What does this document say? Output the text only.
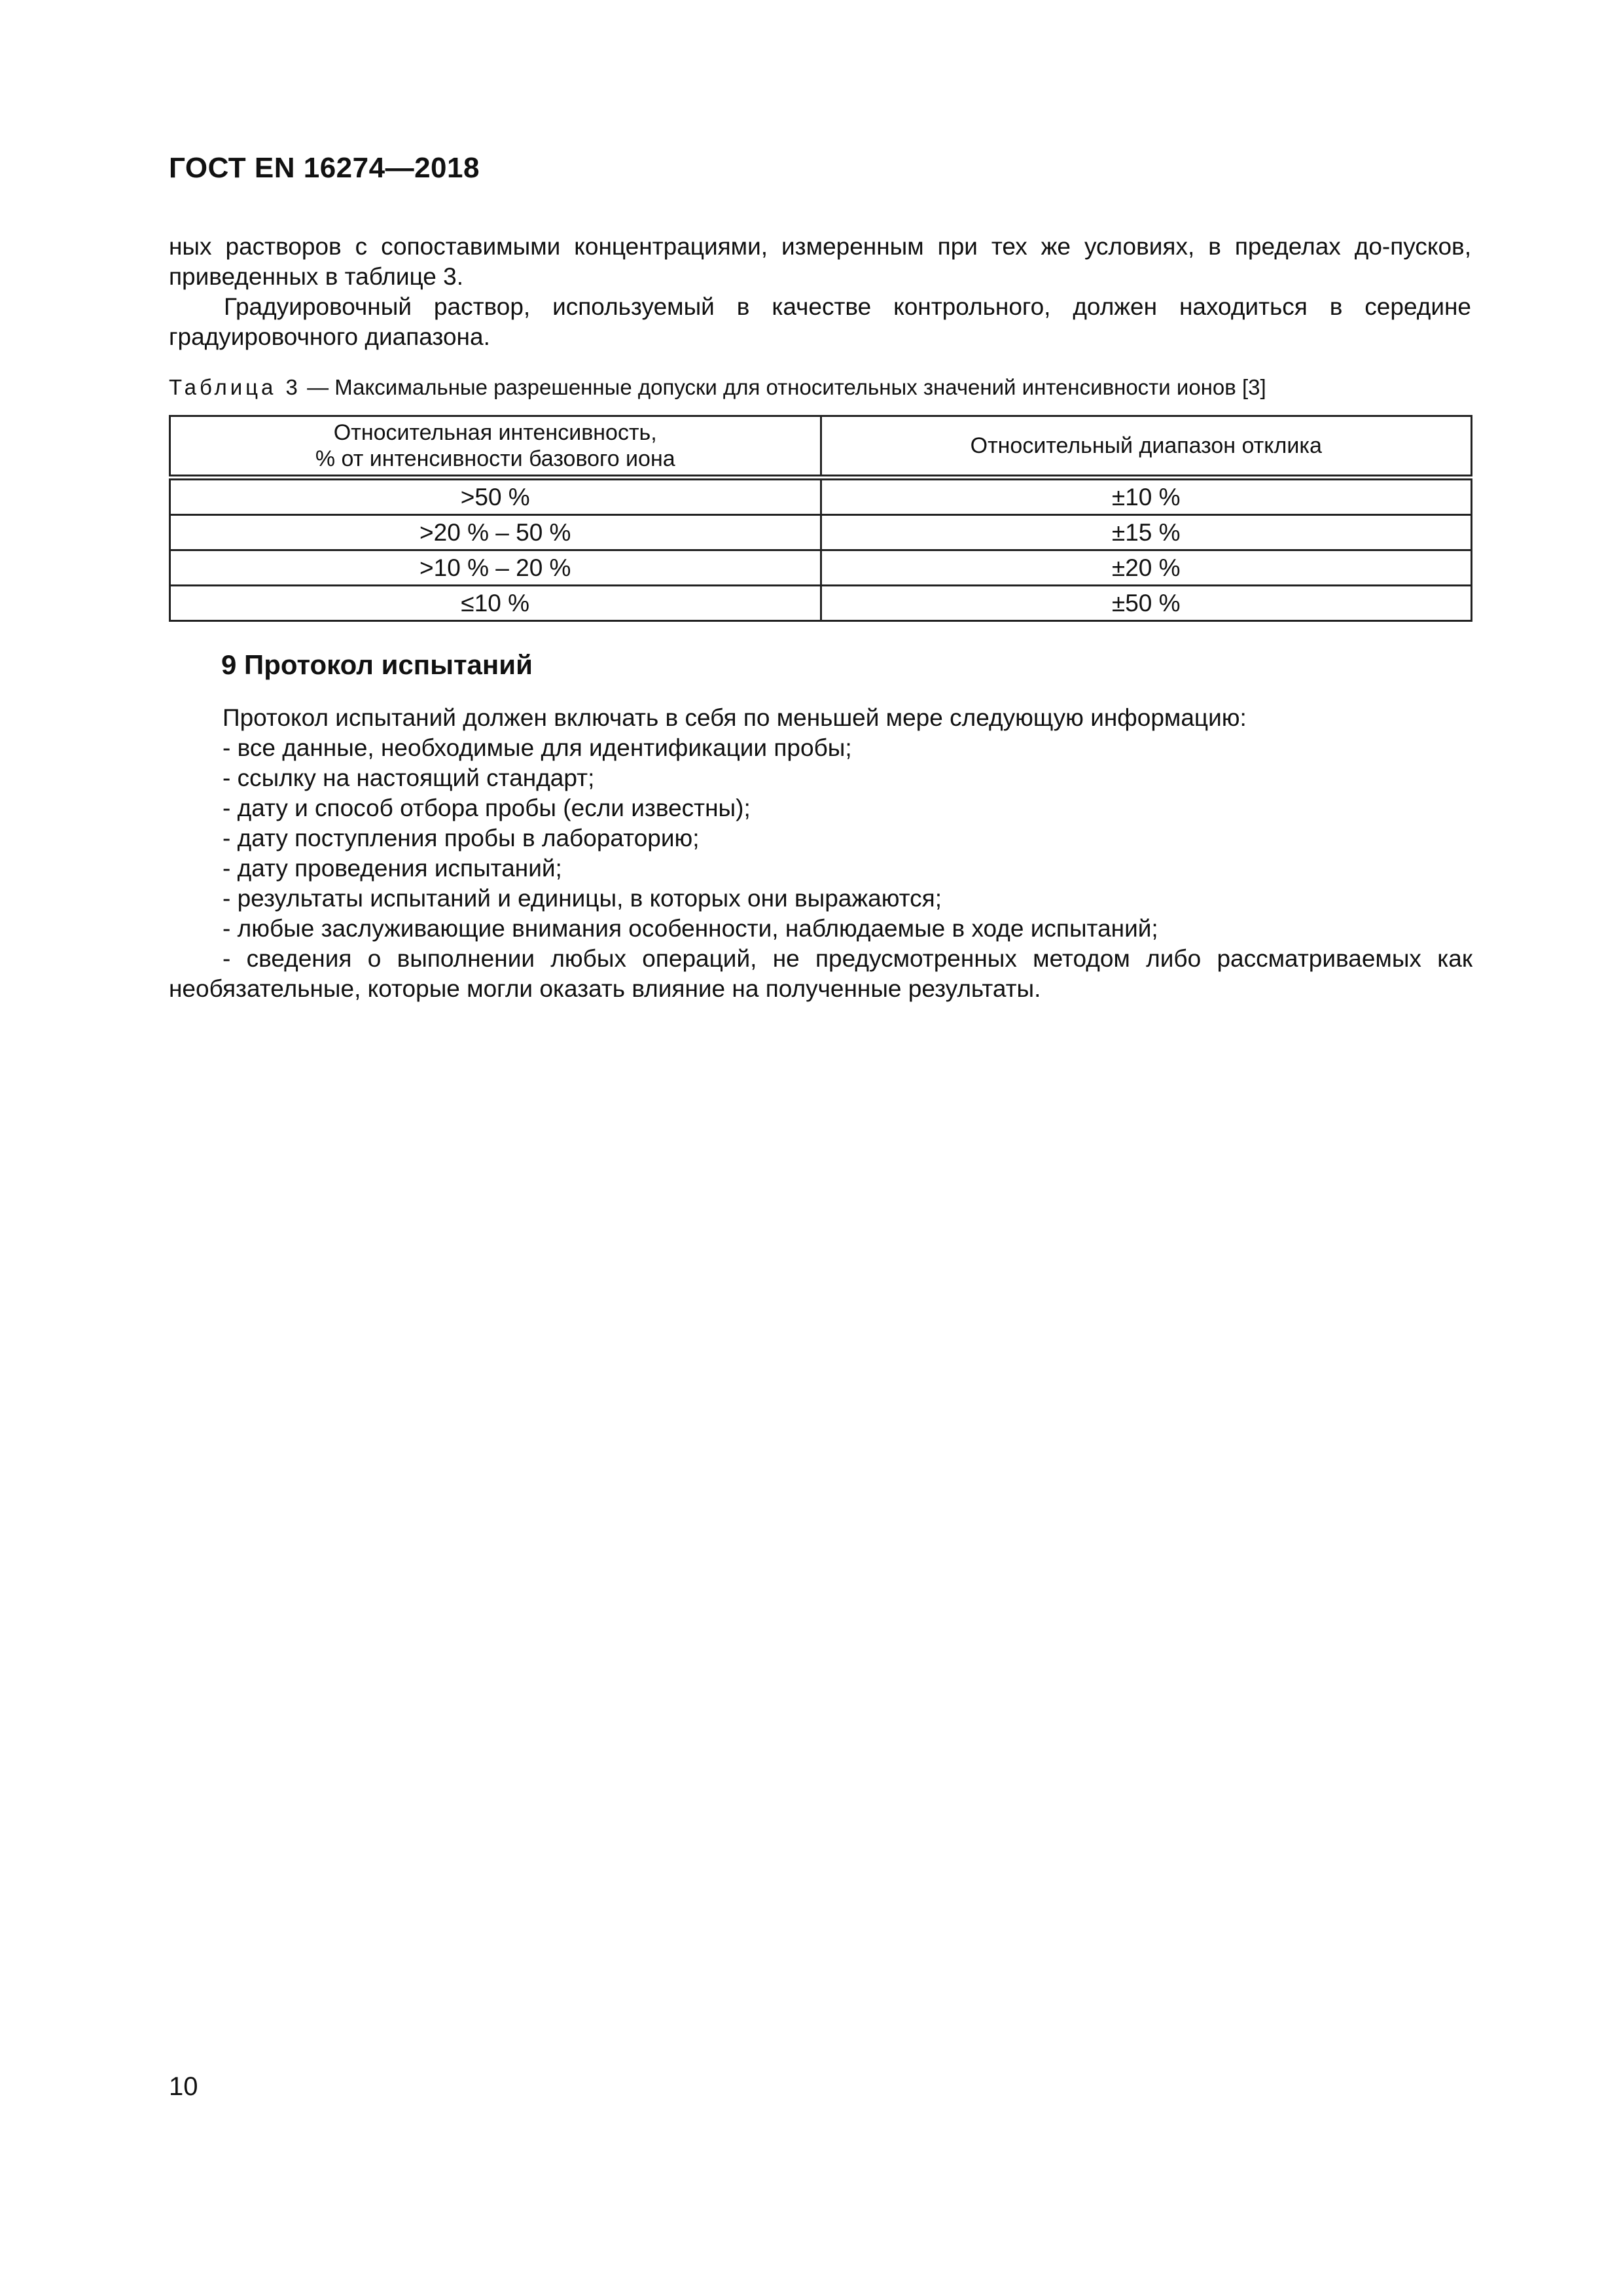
ГОСТ EN 16274—2018

ных растворов с сопоставимыми концентрациями, измеренным при тех же условиях, в пределах до-пусков, приведенных в таблице 3.

Градуировочный раствор, используемый в качестве контрольного, должен находиться в середине градуировочного диапазона.

Таблица 3 — Максимальные разрешенные допуски для относительных значений интенсивности ионов [3]

Относительная интенсивность,
% от интенсивности базового иона	Относительный диапазон отклика
>50 %	±10 %
>20 % – 50 %	±15 %
>10 % – 20 %	±20 %
≤10 %	±50 %
9 Протокол испытаний

Протокол испытаний должен включать в себя по меньшей мере следующую информацию:

- все данные, необходимые для идентификации пробы;
- ссылку на настоящий стандарт;
- дату и способ отбора пробы (если известны);
- дату поступления пробы в лабораторию;
- дату проведения испытаний;
- результаты испытаний и единицы, в которых они выражаются;
- любые заслуживающие внимания особенности, наблюдаемые в ходе испытаний;
- сведения о выполнении любых операций, не предусмотренных методом либо рассматриваемых как необязательные, которые могли оказать влияние на полученные результаты.

10
